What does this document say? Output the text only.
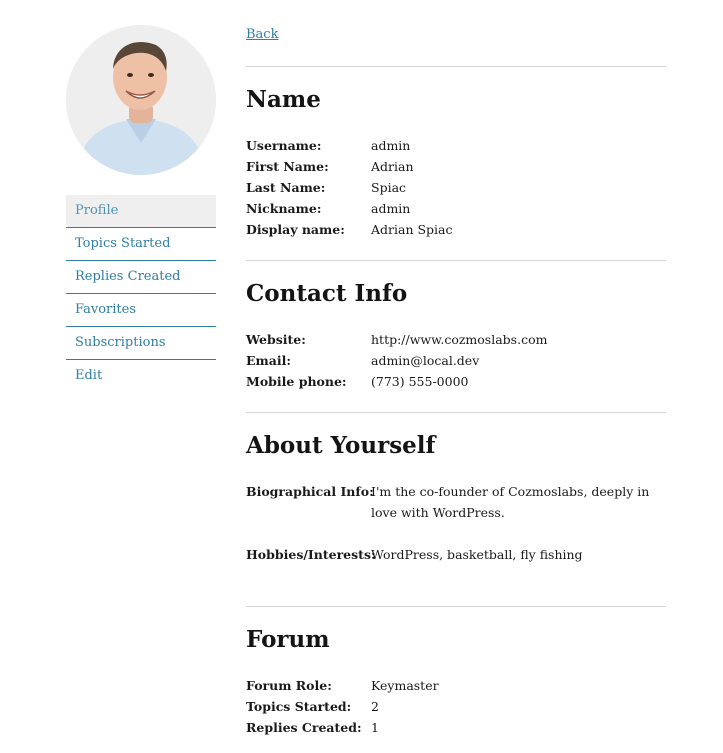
Profile
Topics Started
Replies Created
Favorites
Subscriptions
Edit
Back
Name
Username:	admin
First Name:	Adrian
Last Name:	Spiac
Nickname:	admin
Display name:	Adrian Spiac
Contact Info
Website:	http://www.cozmoslabs.com
Email:	admin@local.dev
Mobile phone:	(773) 555-0000
About Yourself
Biographical Info:
I'm the co-founder of Cozmoslabs, deeply in love with WordPress.
Hobbies/Interests:
WordPress, basketball, fly fishing
Forum
Forum Role:	Keymaster
Topics Started:	2
Replies Created: 1
